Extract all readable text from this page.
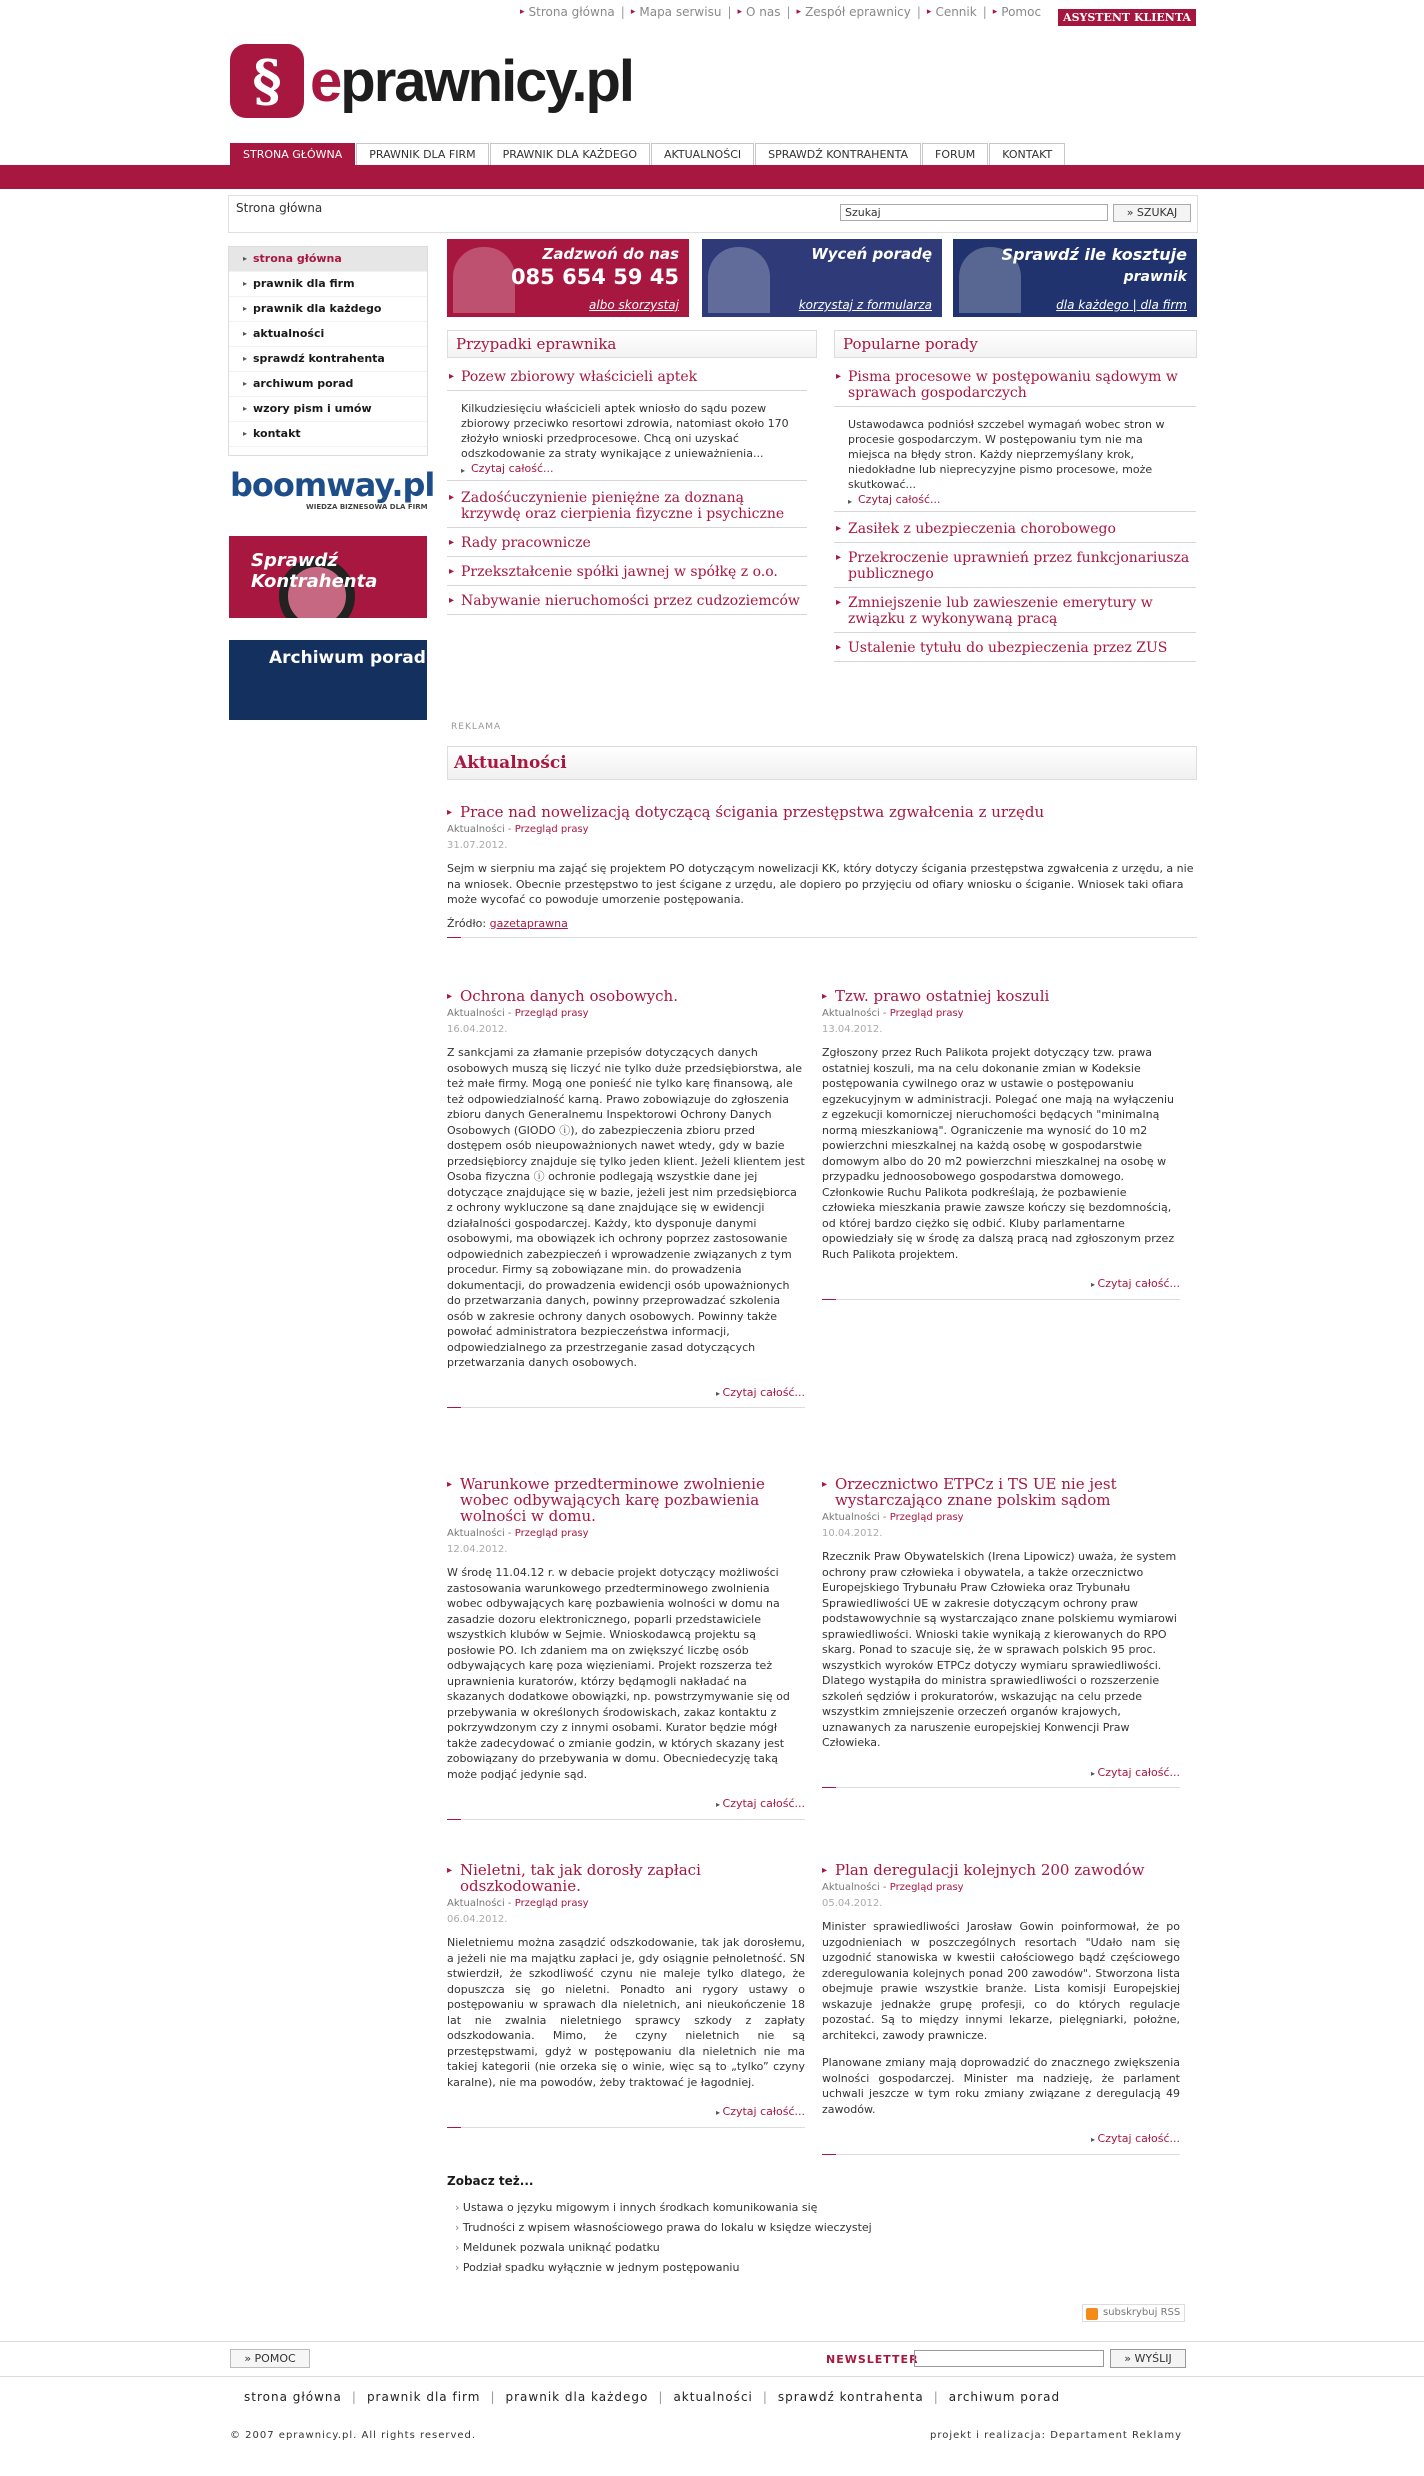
▸ Strona główna | ▸ Mapa serwisu | ▸ O nas | ▸ Zespół eprawnicy | ▸ Cennik | ▸ Pomoc	ASYSTENT KLIENTA
§ eprawnicy.pl
STRONA GŁÓWNA	PRAWNIK DLA FIRM	PRAWNIK DLA KAŻDEGO	AKTUALNOŚCI	SPRAWDŹ KONTRAHENTA	FORUM	KONTAKT
Strona główna	Szukaj	» SZUKAJ
▸ strona główna
▸ prawnik dla firm
▸ prawnik dla każdego
▸ aktualności
▸ sprawdź kontrahenta
▸ archiwum porad
▸ wzory pism i umów
▸ kontakt
boomway.pl
WIEDZA BIZNESOWA DLA FIRM
Sprawdź Kontrahenta
Archiwum porad
Zadzwoń do nas
085 654 59 45
albo skorzystaj
Wyceń poradę
korzystaj z formularza
Sprawdź ile kosztuje
prawnik
dla każdego | dla firm
Przypadki eprawnika
▸ Pozew zbiorowy właścicieli aptek
Kilkudziesięciu właścicieli aptek wniosło do sądu pozew zbiorowy przeciwko resortowi zdrowia, natomiast około 170 złożyło wnioski przedprocesowe. Chcą oni uzyskać odszkodowanie za straty wynikające z unieważnienia...
▸ Czytaj całość...
▸ Zadośćuczynienie pieniężne za doznaną krzywdę oraz cierpienia fizyczne i psychiczne
▸ Rady pracownicze
▸ Przekształcenie spółki jawnej w spółkę z o.o.
▸ Nabywanie nieruchomości przez cudzoziemców
Popularne porady
▸ Pisma procesowe w postępowaniu sądowym w sprawach gospodarczych
Ustawodawca podniósł szczebel wymagań wobec stron w procesie gospodarczym. W postępowaniu tym nie ma miejsca na błędy stron. Każdy nieprzemyślany krok, niedokładne lub nieprecyzyjne pismo procesowe, może skutkować...
▸ Czytaj całość...
▸ Zasiłek z ubezpieczenia chorobowego
▸ Przekroczenie uprawnień przez funkcjonariusza publicznego
▸ Zmniejszenie lub zawieszenie emerytury w związku z wykonywaną pracą
▸ Ustalenie tytułu do ubezpieczenia przez ZUS
REKLAMA
Aktualności
▸ Prace nad nowelizacją dotyczącą ścigania przestępstwa zgwałcenia z urzędu
Aktualności - Przegląd prasy
31.07.2012.
Sejm w sierpniu ma zająć się projektem PO dotyczącym nowelizacji KK, który dotyczy ścigania przestępstwa zgwałcenia z urzędu, a nie na wniosek. Obecnie przestępstwo to jest ścigane z urzędu, ale dopiero po przyjęciu od ofiary wniosku o ściganie. Wniosek taki ofiara może wycofać co powoduje umorzenie postępowania.
Źródło: gazetaprawna
▸ Ochrona danych osobowych.
Aktualności - Przegląd prasy
16.04.2012.
Z sankcjami za złamanie przepisów dotyczących danych osobowych muszą się liczyć nie tylko duże przedsiębiorstwa, ale też małe firmy. Mogą one ponieść nie tylko karę finansową, ale też odpowiedzialność karną. Prawo zobowiązuje do zgłoszenia zbioru danych Generalnemu Inspektorowi Ochrony Danych Osobowych (GIODO ⓘ), do zabezpieczenia zbioru przed dostępem osób nieupoważnionych nawet wtedy, gdy w bazie przedsiębiorcy znajduje się tylko jeden klient. Jeżeli klientem jest Osoba fizyczna ⓘ ochronie podlegają wszystkie dane jej dotyczące znajdujące się w bazie, jeżeli jest nim przedsiębiorca z ochrony wykluczone są dane znajdujące się w ewidencji działalności gospodarczej. Każdy, kto dysponuje danymi osobowymi, ma obowiązek ich ochrony poprzez zastosowanie odpowiednich zabezpieczeń i wprowadzenie związanych z tym procedur. Firmy są zobowiązane min. do prowadzenia dokumentacji, do prowadzenia ewidencji osób upoważnionych do przetwarzania danych, powinny przeprowadzać szkolenia osób w zakresie ochrony danych osobowych. Powinny także powołać administratora bezpieczeństwa informacji, odpowiedzialnego za przestrzeganie zasad dotyczących przetwarzania danych osobowych.
▸ Czytaj całość...
▸ Tzw. prawo ostatniej koszuli
Aktualności - Przegląd prasy
13.04.2012.
Zgłoszony przez Ruch Palikota projekt dotyczący tzw. prawa ostatniej koszuli, ma na celu dokonanie zmian w Kodeksie postępowania cywilnego oraz w ustawie o postępowaniu egzekucyjnym w administracji. Polegać one mają na wyłączeniu z egzekucji komorniczej nieruchomości będących "minimalną normą mieszkaniową". Ograniczenie ma wynosić do 10 m2 powierzchni mieszkalnej na każdą osobę w gospodarstwie domowym albo do 20 m2 powierzchni mieszkalnej na osobę w przypadku jednoosobowego gospodarstwa domowego. Członkowie Ruchu Palikota podkreślają, że pozbawienie człowieka mieszkania prawie zawsze kończy się bezdomnością, od której bardzo ciężko się odbić. Kluby parlamentarne opowiedziały się w środę za dalszą pracą nad zgłoszonym przez Ruch Palikota projektem.
▸ Czytaj całość...
▸ Warunkowe przedterminowe zwolnienie wobec odbywających karę pozbawienia wolności w domu.
Aktualności - Przegląd prasy
12.04.2012.
W środę 11.04.12 r. w debacie projekt dotyczący możliwości zastosowania warunkowego przedterminowego zwolnienia wobec odbywających karę pozbawienia wolności w domu na zasadzie dozoru elektronicznego, poparli przedstawiciele wszystkich klubów w Sejmie. Wnioskodawcą projektu są posłowie PO. Ich zdaniem ma on zwiększyć liczbę osób odbywających karę poza więzieniami. Projekt rozszerza też uprawnienia kuratorów, którzy będąmogli nakładać na skazanych dodatkowe obowiązki, np. powstrzymywanie się od przebywania w określonych środowiskach, zakaz kontaktu z pokrzywdzonym czy z innymi osobami. Kurator będzie mógł także zadecydować o zmianie godzin, w których skazany jest zobowiązany do przebywania w domu. Obecniedecyzję taką może podjąć jedynie sąd.
▸ Czytaj całość...
▸ Orzecznictwo ETPCz i TS UE nie jest wystarczająco znane polskim sądom
Aktualności - Przegląd prasy
10.04.2012.
Rzecznik Praw Obywatelskich (Irena Lipowicz) uważa, że system ochrony praw człowieka i obywatela, a także orzecznictwo Europejskiego Trybunału Praw Człowieka oraz Trybunału Sprawiedliwości UE w zakresie dotyczącym ochrony praw podstawowychnie są wystarczająco znane polskiemu wymiarowi sprawiedliwości. Wnioski takie wynikają z kierowanych do RPO skarg. Ponad to szacuje się, że w sprawach polskich 95 proc. wszystkich wyroków ETPCz dotyczy wymiaru sprawiedliwości. Dlatego wystąpiła do ministra sprawiedliwości o rozszerzenie szkoleń sędziów i prokuratorów, wskazując na celu przede wszystkim zmniejszenie orzeczeń organów krajowych, uznawanych za naruszenie europejskiej Konwencji Praw Człowieka.
▸ Czytaj całość...
▸ Nieletni, tak jak dorosły zapłaci odszkodowanie.
Aktualności - Przegląd prasy
06.04.2012.
Nieletniemu można zasądzić odszkodowanie, tak jak dorosłemu, a jeżeli nie ma majątku zapłaci je, gdy osiągnie pełnoletność. SN stwierdził, że szkodliwość czynu nie maleje tylko dlatego, że dopuszcza się go nieletni. Ponadto ani rygory ustawy o postępowaniu w sprawach dla nieletnich, ani nieukończenie 18 lat nie zwalnia nieletniego sprawcy szkody z zapłaty odszkodowania. Mimo, że czyny nieletnich nie są przestępstwami, gdyż w postępowaniu dla nieletnich nie ma takiej kategorii (nie orzeka się o winie, więc są to „tylko” czyny karalne), nie ma powodów, żeby traktować je łagodniej.
▸ Czytaj całość...
▸ Plan deregulacji kolejnych 200 zawodów
Aktualności - Przegląd prasy
05.04.2012.
Minister sprawiedliwości Jarosław Gowin poinformował, że po uzgodnieniach w poszczególnych resortach "Udało nam się uzgodnić stanowiska w kwestii całościowego bądź częściowego zderegulowania kolejnych ponad 200 zawodów". Stworzona lista obejmuje prawie wszystkie branże. Lista komisji Europejskiej wskazuje jednakże grupę profesji, co do których regulacje pozostać. Są to między innymi lekarze, pielęgniarki, położne, architekci, zawody prawnicze.
Planowane zmiany mają doprowadzić do znacznego zwiększenia wolności gospodarczej. Minister ma nadzieję, że parlament uchwali jeszcze w tym roku zmiany związane z deregulacją 49 zawodów.
▸ Czytaj całość...
Zobacz też...
› Ustawa o języku migowym i innych środkach komunikowania się
› Trudności z wpisem własnościowego prawa do lokalu w księdze wieczystej
› Meldunek pozwala uniknąć podatku
› Podział spadku wyłącznie w jednym postępowaniu
subskrybuj RSS
» POMOC	NEWSLETTER	» WYŚLIJ
strona główna | prawnik dla firm | prawnik dla każdego | aktualności | sprawdź kontrahenta | archiwum porad
© 2007 eprawnicy.pl. All rights reserved.	projekt i realizacja: Departament Reklamy
